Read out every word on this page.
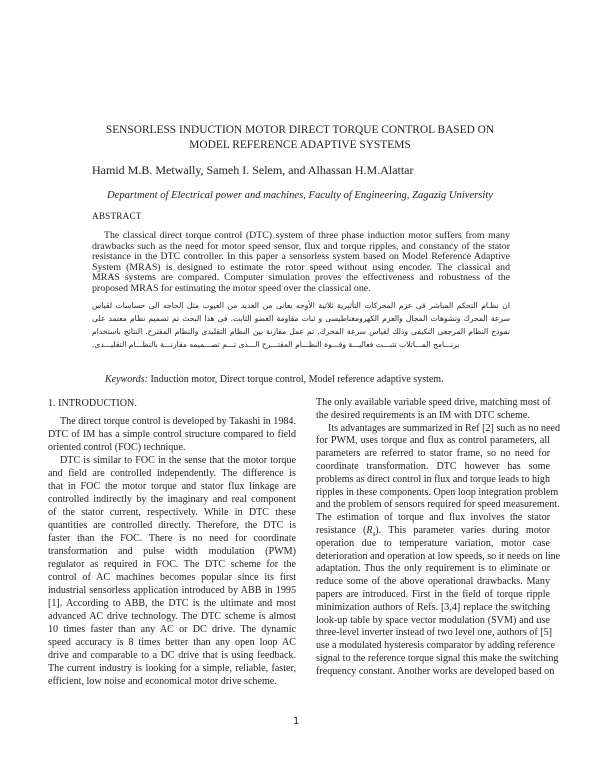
SENSORLESS INDUCTION MOTOR DIRECT TORQUE CONTROL BASED ON
MODEL REFERENCE ADAPTIVE SYSTEMS
Hamid M.B. Metwally, Sameh I. Selem, and Alhassan H.M.Alattar
Department of Electrical power and machines, Faculty of Engineering, Zagazig University
ABSTRACT
The classical direct torque control (DTC) system of three phase induction motor suffers from many
drawbacks such as the need for motor speed sensor, flux and torque ripples, and constancy of the stator
resistance in the DTC controller. In this paper a sensorless system based on Model Reference Adaptive
System (MRAS) is designed to estimate the rotor speed without using encoder. The classical and
MRAS systems are compared. Computer simulation proves the effectiveness and robustness of the
proposed MRAS for estimating the motor speed over the classical one.
ان نظـام التحكم المباشر فى عزم المحركات التأثيرية ثلاثية الأوجه يعانى من العديد من العيوب مثل الحاجه الى حساسات لقياس
سرعة المحرك وتشوهات المجال والعزم الكهرومغناطيسى و ثبات مقاومة العضو الثابت. فى هذا البحث تم تصميم نظام معتمد على
نموذج النظام المرجعى التكيفى وذلك لقياس سرعة المحرك. تم عمل مقارنة بين النظام التقليدى والنظام المقترح. النتائج باستخدام
برنـــامج المـــاتلاب تثبـــت فعاليـــة وقـــوة النظـــام المقتـــرح الـــذى تـــم تصـــميمه مقارنـــة بالنظـــام التقليـــدى.
Keywords: Induction motor, Direct torque control, Model reference adaptive system.
1. INTRODUCTION.
The direct torque control is developed by Takashi in 1984.
DTC of IM has a simple control structure compared to field
oriented control (FOC) technique.
DTC is similar to FOC in the sense that the motor torque
and field are controlled independently. The difference is
that in FOC the motor torque and stator flux linkage are
controlled indirectly by the imaginary and real component
of the stator current, respectively. While in DTC these
quantities are controlled directly. Therefore, the DTC is
faster than the FOC. There is no need for coordinate
transformation and pulse width modulation (PWM)
regulator as required in FOC. The DTC scheme for the
control of AC machines becomes popular since its first
industrial sensorless application introduced by ABB in 1995
[1]. According to ABB, the DTC is the ultimate and most
advanced AC drive technology. The DTC scheme is almost
10 times faster than any AC or DC drive. The dynamic
speed accuracy is 8 times better than any open loop AC
drive and comparable to a DC drive that is using feedback.
The current industry is looking for a simple, reliable, faster,
efficient, low noise and economical motor drive scheme.
The only available variable speed drive, matching most of
the desired requirements is an IM with DTC scheme.
Its advantages are summarized in Ref [2] such as no need
for PWM, uses torque and flux as control parameters, all
parameters are referred to stator frame, so no need for
coordinate transformation. DTC however has some
problems as direct control in flux and torque leads to high
ripples in these components. Open loop integration problem
and the problem of sensors required for speed measurement.
The estimation of torque and flux involves the stator
resistance $(R_s)$. This parameter varies during motor
operation due to temperature variation, motor case
deterioration and operation at low speeds, so it needs on line
adaptation. Thus the only requirement is to eliminate or
reduce some of the above operational drawbacks. Many
papers are introduced. First in the field of torque ripple
minimization authors of Refs. [3,4] replace the switching
look-up table by space vector modulation (SVM) and use
three-level inverter instead of two level one, authors of [5]
use a modulated hysteresis comparator by adding reference
signal to the reference torque signal this make the switching
frequency constant. Another works are developed based on
1
